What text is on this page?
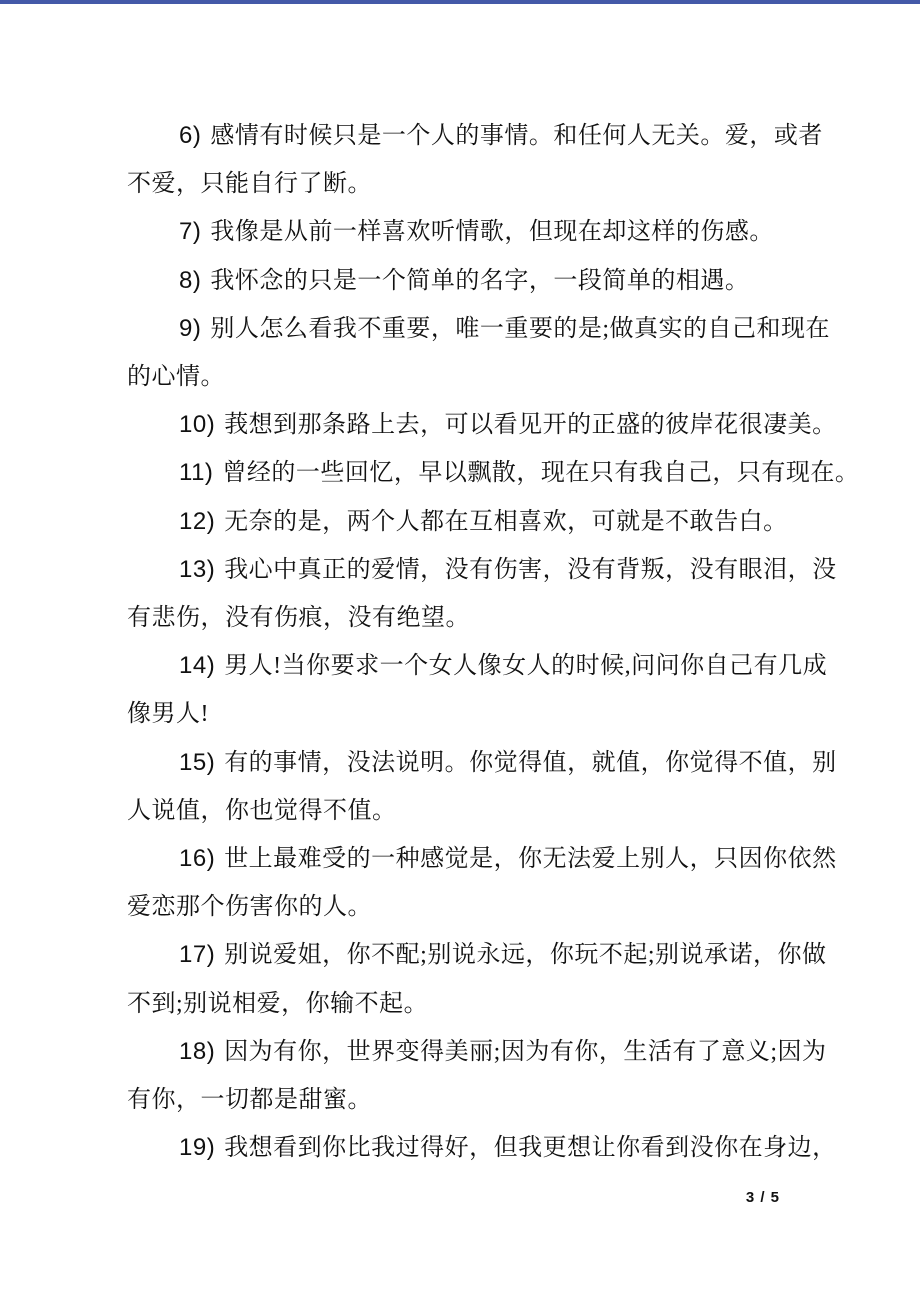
6) 感情有时候只是一个人的事情。和任何人无关。爱，或者
不爱，只能自行了断。
7) 我像是从前一样喜欢听情歌，但现在却这样的伤感。
8) 我怀念的只是一个简单的名字，一段简单的相遇。
9) 别人怎么看我不重要，唯一重要的是;做真实的自己和现在
的心情。
10) 莪想到那条路上去，可以看见开的正盛的彼岸花很凄美。
11) 曾经的一些回忆，早以飘散，现在只有我自己，只有现在。
12) 无奈的是，两个人都在互相喜欢，可就是不敢告白。
13) 我心中真正的爱情，没有伤害，没有背叛，没有眼泪，没
有悲伤，没有伤痕，没有绝望。
14) 男人!当你要求一个女人像女人的时候,问问你自己有几成
像男人!
15) 有的事情，没法说明。你觉得值，就值，你觉得不值，别
人说值，你也觉得不值。
16) 世上最难受的一种感觉是，你无法爱上别人，只因你依然
爱恋那个伤害你的人。
17) 别说爱姐，你不配;别说永远，你玩不起;别说承诺，你做
不到;别说相爱，你输不起。
18) 因为有你，世界变得美丽;因为有你，生活有了意义;因为
有你，一切都是甜蜜。
19) 我想看到你比我过得好，但我更想让你看到没你在身边，
3 / 5
